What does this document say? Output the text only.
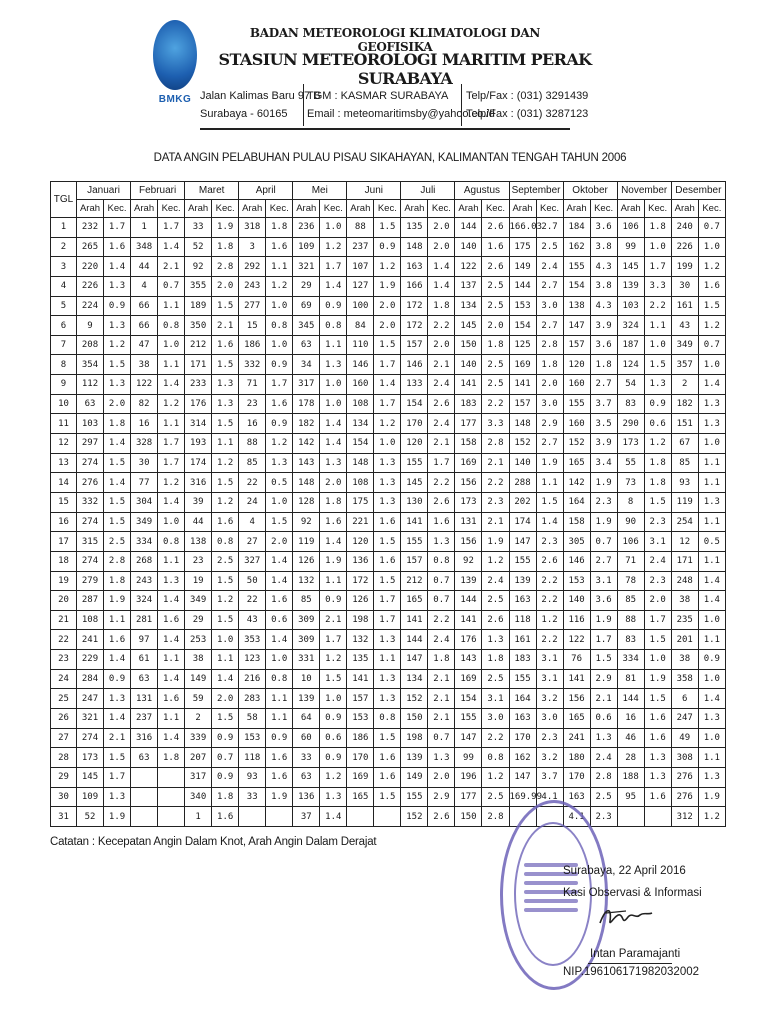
BMKG
BADAN METEOROLOGI KLIMATOLOGI DAN GEOFISIKA
STASIUN METEOROLOGI MARITIM PERAK SURABAYA
Jalan Kalimas Baru 97 B
Surabaya - 60165
TGM : KASMAR SURABAYA
Email : meteomaritimsby@yahoo.co.id
Telp/Fax : (031) 3291439
Telp/Fax : (031) 3287123
DATA ANGIN PELABUHAN PULAU PISAU SIKAHAYAN, KALIMANTAN TENGAH TAHUN 2006
TGL	Januari		Februari		Maret		April		Mei		Juni		Juli		Agustus		September		Oktober		November		Desember	
	Arah	Kec.	Arah	Kec.	Arah	Kec.	Arah	Kec.	Arah	Kec.	Arah	Kec.	Arah	Kec.	Arah	Kec.	Arah	Kec.	Arah	Kec.	Arah	Kec.	Arah	Kec.
1	232	1.7	1	1.7	33	1.9	318	1.8	236	1.0	88	1.5	135	2.0	144	2.6	166.03	2.7	184	3.6	106	1.8	240	0.7
2	265	1.6	348	1.4	52	1.8	3	1.6	109	1.2	237	0.9	148	2.0	140	1.6	175	2.5	162	3.8	99	1.0	226	1.0
3	220	1.4	44	2.1	92	2.8	292	1.1	321	1.7	107	1.2	163	1.4	122	2.6	149	2.4	155	4.3	145	1.7	199	1.2
4	226	1.3	4	0.7	355	2.0	243	1.2	29	1.4	127	1.9	166	1.4	137	2.5	144	2.7	154	3.8	139	3.3	30	1.6
5	224	0.9	66	1.1	189	1.5	277	1.0	69	0.9	100	2.0	172	1.8	134	2.5	153	3.0	138	4.3	103	2.2	161	1.5
6	9	1.3	66	0.8	350	2.1	15	0.8	345	0.8	84	2.0	172	2.2	145	2.0	154	2.7	147	3.9	324	1.1	43	1.2
7	208	1.2	47	1.0	212	1.6	186	1.0	63	1.1	110	1.5	157	2.0	150	1.8	125	2.8	157	3.6	187	1.0	349	0.7
8	354	1.5	38	1.1	171	1.5	332	0.9	34	1.3	146	1.7	146	2.1	140	2.5	169	1.8	120	1.8	124	1.5	357	1.0
9	112	1.3	122	1.4	233	1.3	71	1.7	317	1.0	160	1.4	133	2.4	141	2.5	141	2.0	160	2.7	54	1.3	2	1.4
10	63	2.0	82	1.2	176	1.3	23	1.6	178	1.0	108	1.7	154	2.6	183	2.2	157	3.0	155	3.7	83	0.9	182	1.3
11	103	1.8	16	1.1	314	1.5	16	0.9	182	1.4	134	1.2	170	2.4	177	3.3	148	2.9	160	3.5	290	0.6	151	1.3
12	297	1.4	328	1.7	193	1.1	88	1.2	142	1.4	154	1.0	120	2.1	158	2.8	152	2.7	152	3.9	173	1.2	67	1.0
13	274	1.5	30	1.7	174	1.2	85	1.3	143	1.3	148	1.3	155	1.7	169	2.1	140	1.9	165	3.4	55	1.8	85	1.1
14	276	1.4	77	1.2	316	1.5	22	0.5	148	2.0	108	1.3	145	2.2	156	2.2	288	1.1	142	1.9	73	1.8	93	1.1
15	332	1.5	304	1.4	39	1.2	24	1.0	128	1.8	175	1.3	130	2.6	173	2.3	202	1.5	164	2.3	8	1.5	119	1.3
16	274	1.5	349	1.0	44	1.6	4	1.5	92	1.6	221	1.6	141	1.6	131	2.1	174	1.4	158	1.9	90	2.3	254	1.1
17	315	2.5	334	0.8	138	0.8	27	2.0	119	1.4	120	1.5	155	1.3	156	1.9	147	2.3	305	0.7	106	3.1	12	0.5
18	274	2.8	268	1.1	23	2.5	327	1.4	126	1.9	136	1.6	157	0.8	92	1.2	155	2.6	146	2.7	71	2.4	171	1.1
19	279	1.8	243	1.3	19	1.5	50	1.4	132	1.1	172	1.5	212	0.7	139	2.4	139	2.2	153	3.1	78	2.3	248	1.4
20	287	1.9	324	1.4	349	1.2	22	1.6	85	0.9	126	1.7	165	0.7	144	2.5	163	2.2	140	3.6	85	2.0	38	1.4
21	108	1.1	281	1.6	29	1.5	43	0.6	309	2.1	198	1.7	141	2.2	141	2.6	118	1.2	116	1.9	88	1.7	235	1.0
22	241	1.6	97	1.4	253	1.0	353	1.4	309	1.7	132	1.3	144	2.4	176	1.3	161	2.2	122	1.7	83	1.5	201	1.1
23	229	1.4	61	1.1	38	1.1	123	1.0	331	1.2	135	1.1	147	1.8	143	1.8	183	3.1	76	1.5	334	1.0	38	0.9
24	284	0.9	63	1.4	149	1.4	216	0.8	10	1.5	141	1.3	134	2.1	169	2.5	155	3.1	141	2.9	81	1.9	358	1.0
25	247	1.3	131	1.6	59	2.0	283	1.1	139	1.0	157	1.3	152	2.1	154	3.1	164	3.2	156	2.1	144	1.5	6	1.4
26	321	1.4	237	1.1	2	1.5	58	1.1	64	0.9	153	0.8	150	2.1	155	3.0	163	3.0	165	0.6	16	1.6	247	1.3
27	274	2.1	316	1.4	339	0.9	153	0.9	60	0.6	186	1.5	198	0.7	147	2.2	170	2.3	241	1.3	46	1.6	49	1.0
28	173	1.5	63	1.8	207	0.7	118	1.6	33	0.9	170	1.6	139	1.3	99	0.8	162	3.2	180	2.4	28	1.3	308	1.1
29	145	1.7			317	0.9	93	1.6	63	1.2	169	1.6	149	2.0	196	1.2	147	3.7	170	2.8	188	1.3	276	1.3
30	109	1.3			340	1.8	33	1.9	136	1.3	165	1.5	155	2.9	177	2.5	169.99	4.1	163	2.5	95	1.6	276	1.9
31	52	1.9			1	1.6			37	1.4			152	2.6	150	2.8			4.1	2.3			312	1.2
Catatan : Kecepatan Angin Dalam Knot, Arah Angin Dalam Derajat
Surabaya, 22 April 2016
Kasi Observasi & Informasi
Intan Paramajanti
NIP.196106171982032002
